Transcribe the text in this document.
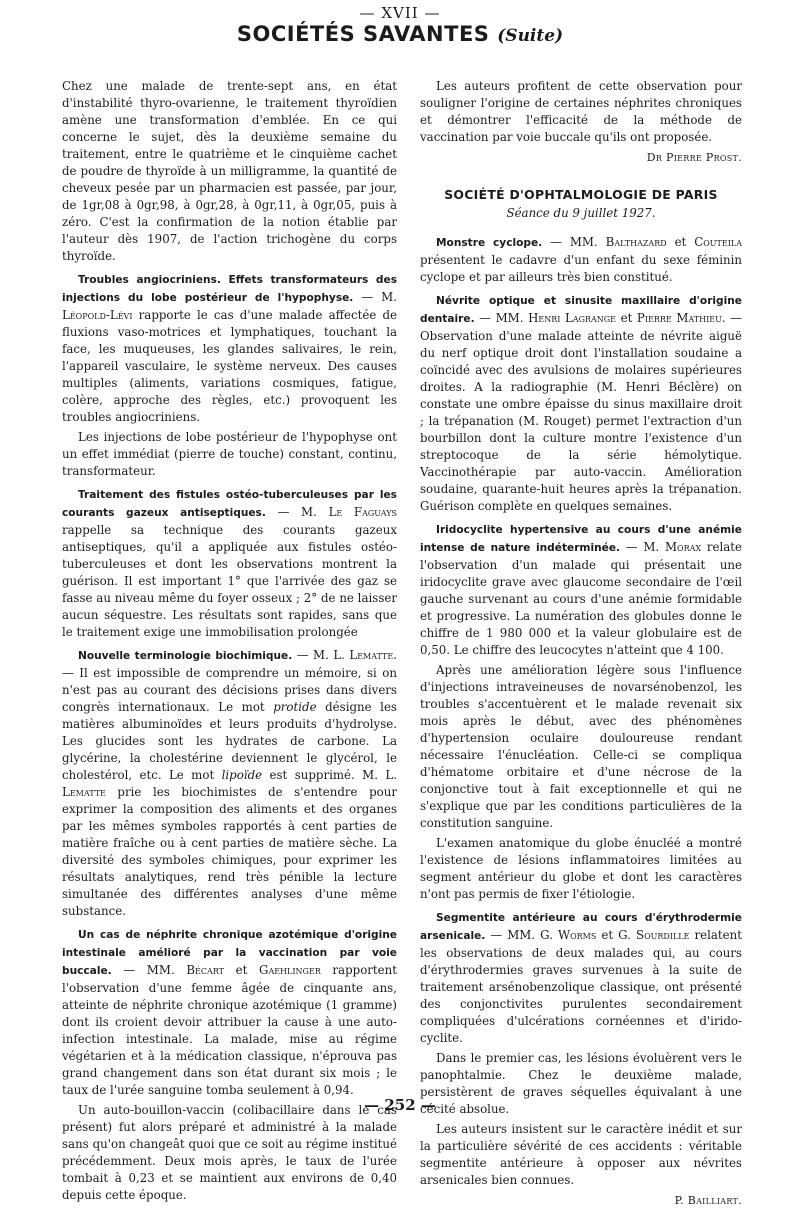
— XVII —
SOCIÉTÉS SAVANTES (Suite)

Chez une malade de trente-sept ans, en état d'instabilité thyro-ovarienne, le traitement thyroïdien amène une transformation d'emblée. En ce qui concerne le sujet, dès la deuxième semaine du traitement, entre le quatrième et le cinquième cachet de poudre de thyroïde à un milligramme, la quantité de cheveux pesée par un pharmacien est passée, par jour, de 1gr,08 à 0gr,98, à 0gr,28, à 0gr,11, à 0gr,05, puis à zéro. C'est la confirmation de la notion établie par l'auteur dès 1907, de l'action trichogène du corps thyroïde.

Troubles angiocriniens. Effets transformateurs des injections du lobe postérieur de l'hypophyse. — M. Léopold-Lévi rapporte le cas d'une malade affectée de fluxions vaso-motrices et lymphatiques, touchant la face, les muqueuses, les glandes salivaires, le rein, l'appareil vasculaire, le système nerveux. Des causes multiples (aliments, variations cosmiques, fatigue, colère, approche des règles, etc.) provoquent les troubles angiocriniens.

Les injections de lobe postérieur de l'hypophyse ont un effet immédiat (pierre de touche) constant, continu, transformateur.

Traitement des fistules ostéo-tuberculeuses par les courants gazeux antiseptiques. — M. Le Faguays rappelle sa technique des courants gazeux antiseptiques, qu'il a appliquée aux fistules ostéo-tuberculeuses et dont les observations montrent la guérison. Il est important 1° que l'arrivée des gaz se fasse au niveau même du foyer osseux ; 2° de ne laisser aucun séquestre. Les résultats sont rapides, sans que le traitement exige une immobilisation prolongée

Nouvelle terminologie biochimique. — M. L. Lematte. — Il est impossible de comprendre un mémoire, si on n'est pas au courant des décisions prises dans divers congrès internationaux. Le mot protide désigne les matières albuminoïdes et leurs produits d'hydrolyse. Les glucides sont les hydrates de carbone. La glycérine, la cholestérine deviennent le glycérol, le cholestérol, etc. Le mot lipoïde est supprimé. M. L. Lematte prie les biochimistes de s'entendre pour exprimer la composition des aliments et des organes par les mêmes symboles rapportés à cent parties de matière fraîche ou à cent parties de matière sèche. La diversité des symboles chimiques, pour exprimer les résultats analytiques, rend très pénible la lecture simultanée des différentes analyses d'une même substance.

Un cas de néphrite chronique azotémique d'origine intestinale amélioré par la vaccination par voie buccale. — MM. Bécart et Gaehlinger rapportent l'observation d'une femme âgée de cinquante ans, atteinte de néphrite chronique azotémique (1 gramme) dont ils croient devoir attribuer la cause à une auto-infection intestinale. La malade, mise au régime végétarien et à la médication classique, n'éprouva pas grand changement dans son état durant six mois ; le taux de l'urée sanguine tomba seulement à 0,94.

Un auto-bouillon-vaccin (colibacillaire dans le cas présent) fut alors préparé et administré à la malade sans qu'on changeât quoi que ce soit au régime institué précédemment. Deux mois après, le taux de l'urée tombait à 0,23 et se maintient aux environs de 0,40 depuis cette époque.

Les auteurs profitent de cette observation pour souligner l'origine de certaines néphrites chroniques et démontrer l'efficacité de la méthode de vaccination par voie buccale qu'ils ont proposée.

Dr Pierre Prost.

SOCIÉTÉ D'OPHTALMOLOGIE DE PARIS
Séance du 9 juillet 1927.

Monstre cyclope. — MM. Balthazard et Couteila présentent le cadavre d'un enfant du sexe féminin cyclope et par ailleurs très bien constitué.

Névrite optique et sinusite maxillaire d'origine dentaire. — MM. Henri Lagrange et Pierre Mathieu. — Observation d'une malade atteinte de névrite aiguë du nerf optique droit dont l'installation soudaine a coïncidé avec des avulsions de molaires supérieures droites. A la radiographie (M. Henri Béclère) on constate une ombre épaisse du sinus maxillaire droit ; la trépanation (M. Rouget) permet l'extraction d'un bourbillon dont la culture montre l'existence d'un streptocoque de la série hémolytique. Vaccinothérapie par auto-vaccin. Amélioration soudaine, quarante-huit heures après la trépanation. Guérison complète en quelques semaines.

Iridocyclite hypertensive au cours d'une anémie intense de nature indéterminée. — M. Morax relate l'observation d'un malade qui présentait une iridocyclite grave avec glaucome secondaire de l'œil gauche survenant au cours d'une anémie formidable et progressive. La numération des globules donne le chiffre de 1 980 000 et la valeur globulaire est de 0,50. Le chiffre des leucocytes n'atteint que 4 100.

Après une amélioration légère sous l'influence d'injections intraveineuses de novarsénobenzol, les troubles s'accentuèrent et le malade revenait six mois après le début, avec des phénomènes d'hypertension oculaire douloureuse rendant nécessaire l'énucléation. Celle-ci se compliqua d'hématome orbitaire et d'une nécrose de la conjonctive tout à fait exceptionnelle et qui ne s'explique que par les conditions particulières de la constitution sanguine.

L'examen anatomique du globe énucléé a montré l'existence de lésions inflammatoires limitées au segment antérieur du globe et dont les caractères n'ont pas permis de fixer l'étiologie.

Segmentite antérieure au cours d'érythrodermie arsenicale. — MM. G. Worms et G. Sourdille relatent les observations de deux malades qui, au cours d'érythrodermies graves survenues à la suite de traitement arsénobenzolique classique, ont présenté des conjonctivites purulentes secondairement compliquées d'ulcérations cornéennes et d'irido-cyclite.

Dans le premier cas, les lésions évoluèrent vers le panophtalmie. Chez le deuxième malade, persistèrent de graves séquelles équivalant à une cécité absolue.

Les auteurs insistent sur le caractère inédit et sur la particulière sévérité de ces accidents : véritable segmentite antérieure à opposer aux névrites arsenicales bien connues.

P. Bailliart.

— 252 —
